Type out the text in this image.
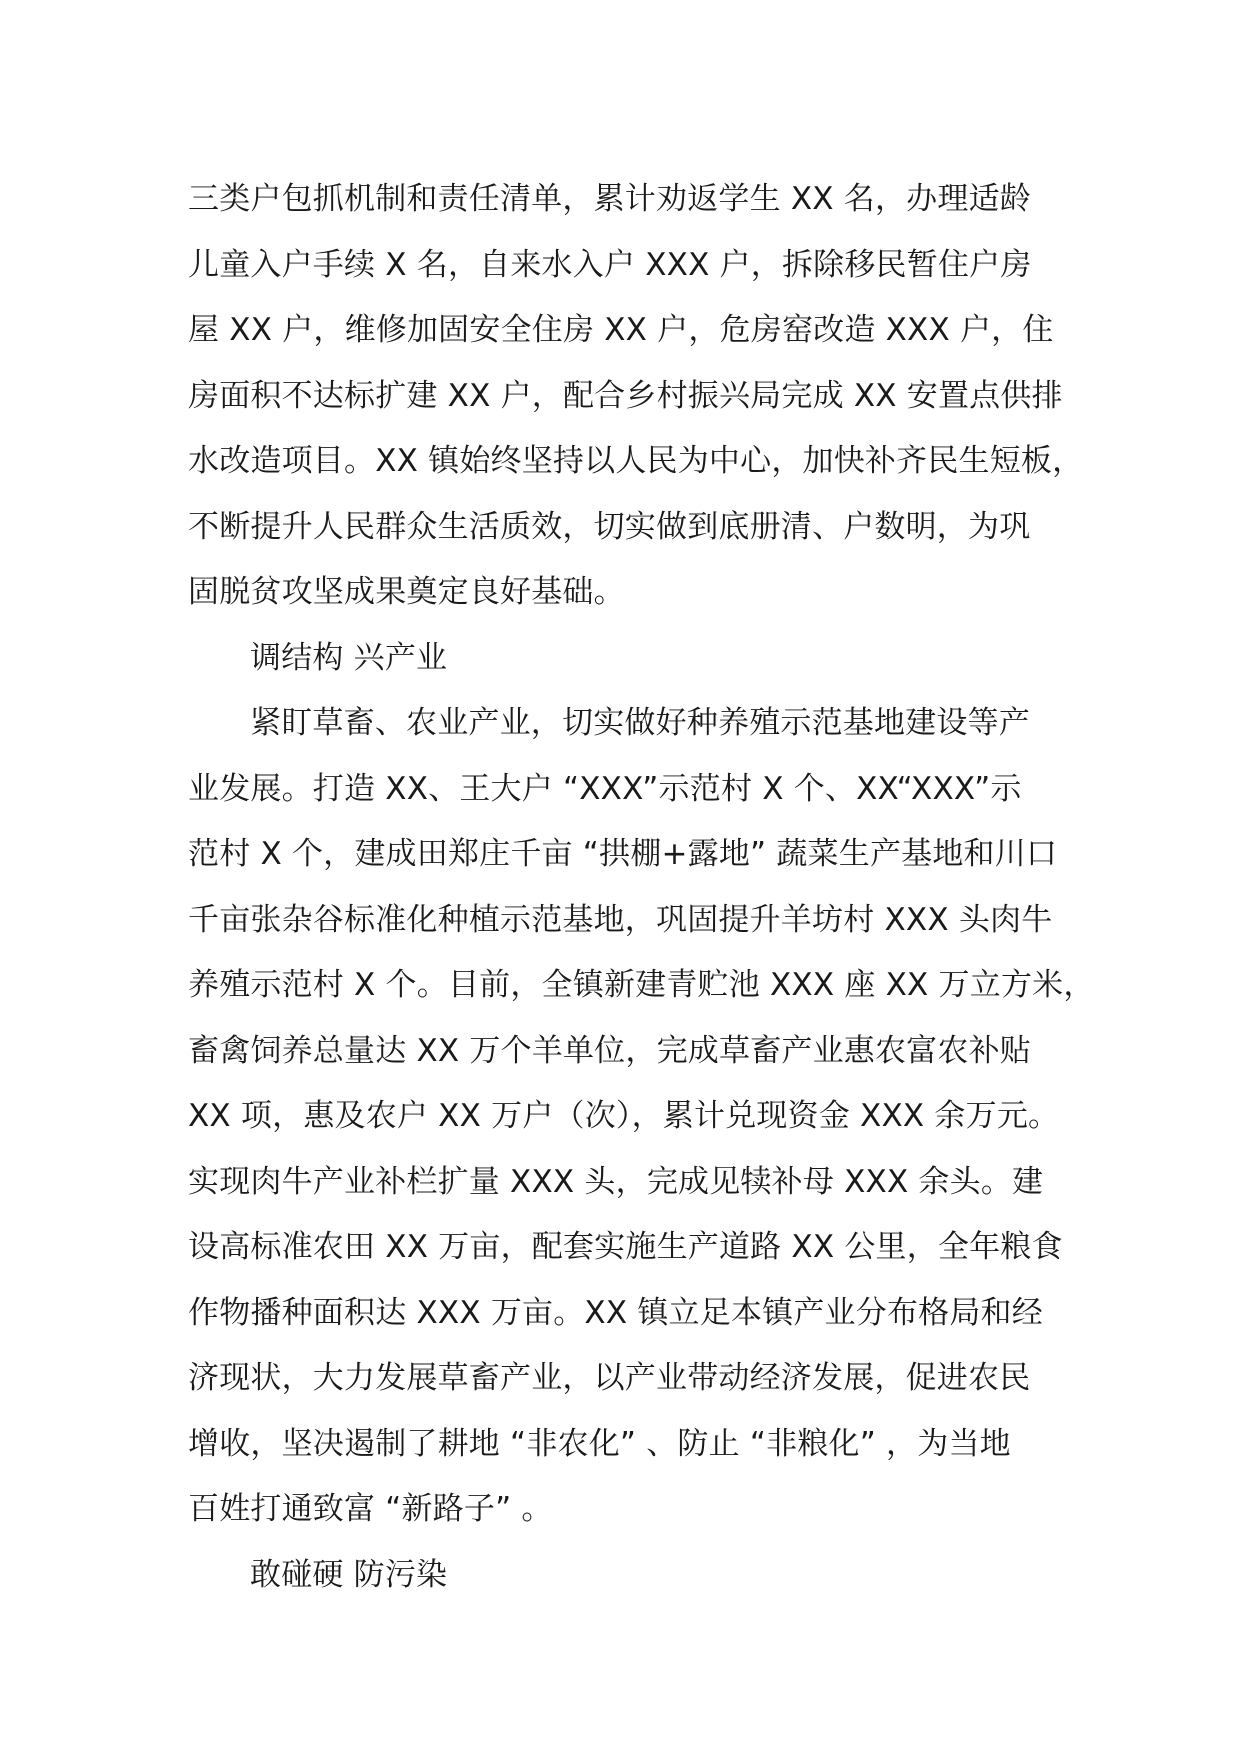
三类户包抓机制和责任清单，累计劝返学生 XX 名，办理适龄
儿童入户手续 X 名，自来水入户 XXX 户，拆除移民暂住户房
屋 XX 户，维修加固安全住房 XX 户，危房窑改造 XXX 户，住
房面积不达标扩建 XX 户，配合乡村振兴局完成 XX 安置点供排
水改造项目。XX 镇始终坚持以人民为中心，加快补齐民生短板，
不断提升人民群众生活质效，切实做到底册清、户数明，为巩
固脱贫攻坚成果奠定良好基础。
调结构 兴产业
紧盯草畜、农业产业，切实做好种养殖示范基地建设等产
业发展。打造 XX、王大户 “XXX”示范村 X 个、XX“XXX”示
范村 X 个，建成田郑庄千亩 “拱棚+露地” 蔬菜生产基地和川口
千亩张杂谷标准化种植示范基地，巩固提升羊坊村 XXX 头肉牛
养殖示范村 X 个。目前，全镇新建青贮池 XXX 座 XX 万立方米，
畜禽饲养总量达 XX 万个羊单位，完成草畜产业惠农富农补贴
XX 项，惠及农户 XX 万户（次），累计兑现资金 XXX 余万元。
实现肉牛产业补栏扩量 XXX 头，完成见犊补母 XXX 余头。建
设高标准农田 XX 万亩，配套实施生产道路 XX 公里，全年粮食
作物播种面积达 XXX 万亩。XX 镇立足本镇产业分布格局和经
济现状，大力发展草畜产业，以产业带动经济发展，促进农民
增收，坚决遏制了耕地 “非农化” 、防止 “非粮化” ，为当地
百姓打通致富 “新路子” 。
敢碰硬 防污染
